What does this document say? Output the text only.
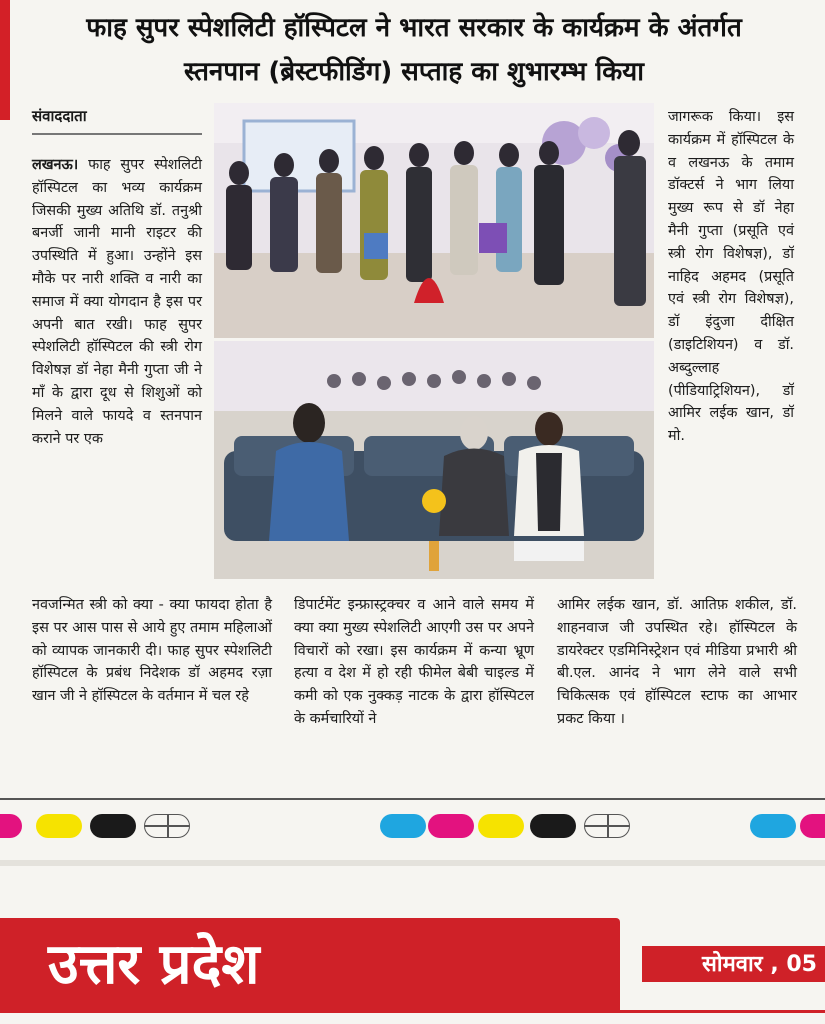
फाह सुपर स्पेशलिटी हॉस्पिटल ने भारत सरकार के कार्यक्रम के अंतर्गत
स्तनपान (ब्रेस्टफीडिंग) सप्ताह का शुभारम्भ किया
संवाददाता

लखनऊ। फाह सुपर स्पेशलिटी हॉस्पिटल का भव्य कार्यक्रम जिसकी मुख्य अतिथि डॉ. तनुश्री बनर्जी जानी मानी राइटर की उपस्थिति में हुआ। उन्होंने इस मौके पर नारी शक्ति व नारी का समाज में क्या योगदान है इस पर अपनी बात रखी। फाह सुपर स्पेशलिटी हॉस्पिटल की स्त्री रोग विशेषज्ञ डॉ नेहा मैनी गुप्ता जी ने माँ के द्वारा दूध से शिशुओं को मिलने वाले फायदे व स्तनपान कराने पर एक

जागरूक किया। इस कार्यक्रम में हॉस्पिटल के व लखनऊ के तमाम डॉक्टर्स ने भाग लिया मुख्य रूप से डॉ नेहा मैनी गुप्ता (प्रसूति एवं स्त्री रोग विशेषज्ञ), डॉ नाहिद अहमद (प्रसूति एवं स्त्री रोग विशेषज्ञ), डॉ इंदुजा दीक्षित (डाइटिशियन) व डॉ. अब्दुल्लाह (पीडियाट्रिशियन), डॉ आमिर लईक खान, डॉ मो.
नवजन्मित स्त्री को क्या - क्या फायदा होता है इस पर आस पास से आये हुए तमाम महिलाओं को व्यापक जानकारी दी। फाह सुपर स्पेशलिटी हॉस्पिटल के प्रबंध निदेशक डॉ अहमद रज़ा खान जी ने हॉस्पिटल के वर्तमान में चल रहे
डिपार्टमेंट इन्फ्रास्ट्रक्चर व आने वाले समय में क्या क्या मुख्य स्पेशलिटी आएगी उस पर अपने विचारों को रखा। इस कार्यक्रम में कन्या भ्रूण हत्या व देश में हो रही फीमेल बेबी चाइल्ड में कमी को एक नुक्कड़ नाटक के द्वारा हॉस्पिटल के कर्मचारियों ने
आमिर लईक खान, डॉ. आतिफ़ शकील, डॉ. शाहनवाज जी उपस्थित रहे। हॉस्पिटल के डायरेक्टर एडमिनिस्ट्रेशन एवं मीडिया प्रभारी श्री बी.एल. आनंद ने भाग लेने वाले सभी चिकित्सक एवं हॉस्पिटल स्टाफ का आभार प्रकट किया ।
उत्तर प्रदेश	सोमवार , 05
